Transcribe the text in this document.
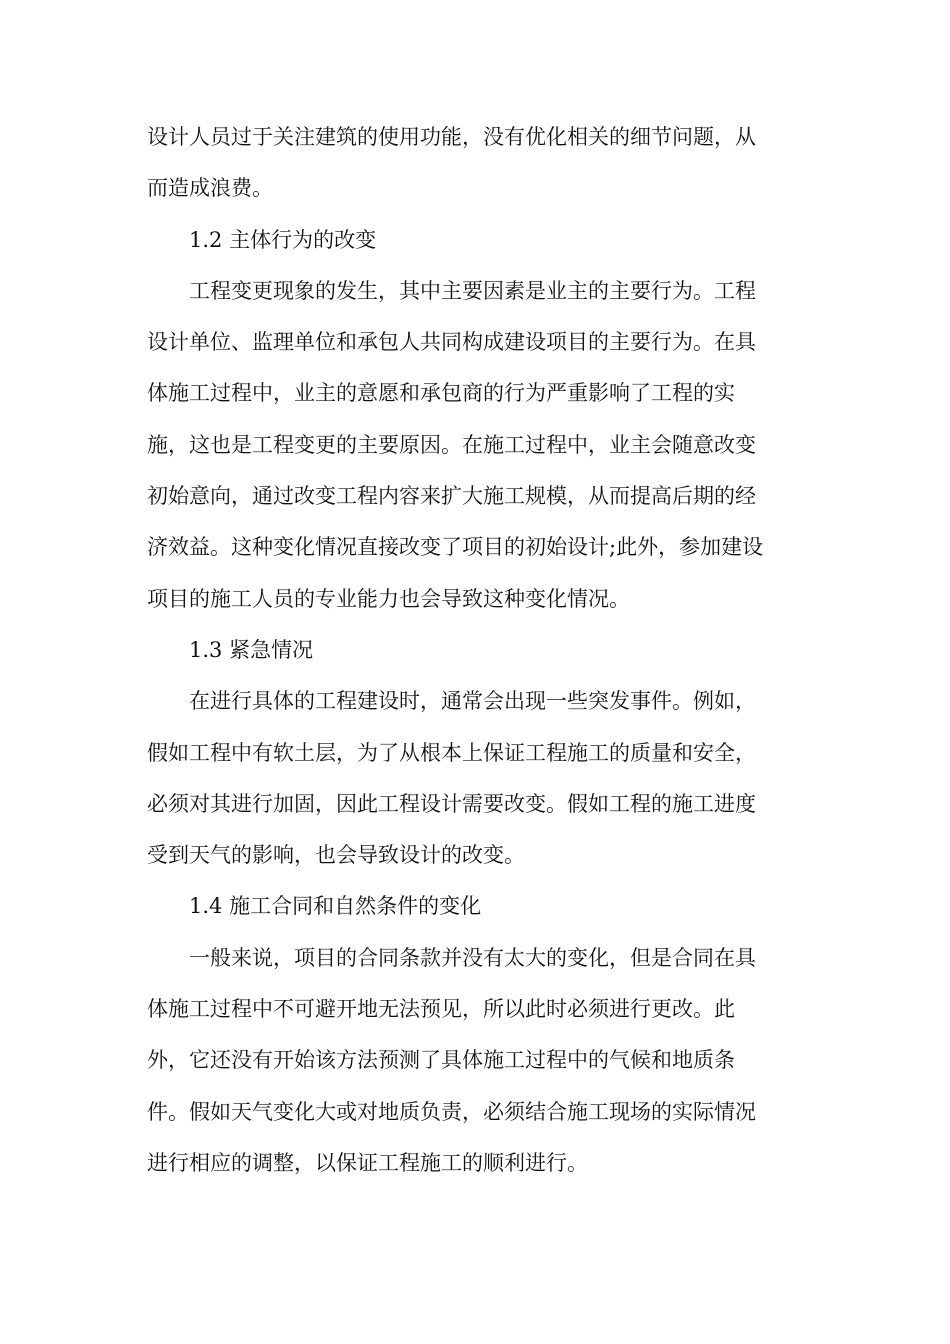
设计人员过于关注建筑的使用功能，没有优化相关的细节问题，从
而造成浪费。
1.2 主体行为的改变
工程变更现象的发生，其中主要因素是业主的主要行为。工程
设计单位、监理单位和承包人共同构成建设项目的主要行为。在具
体施工过程中，业主的意愿和承包商的行为严重影响了工程的实
施，这也是工程变更的主要原因。在施工过程中，业主会随意改变
初始意向，通过改变工程内容来扩大施工规模，从而提高后期的经
济效益。这种变化情况直接改变了项目的初始设计;此外，参加建设
项目的施工人员的专业能力也会导致这种变化情况。
1.3 紧急情况
在进行具体的工程建设时，通常会出现一些突发事件。例如，
假如工程中有软土层，为了从根本上保证工程施工的质量和安全，
必须对其进行加固，因此工程设计需要改变。假如工程的施工进度
受到天气的影响，也会导致设计的改变。
1.4 施工合同和自然条件的变化
一般来说，项目的合同条款并没有太大的变化，但是合同在具
体施工过程中不可避开地无法预见，所以此时必须进行更改。此
外，它还没有开始该方法预测了具体施工过程中的气候和地质条
件。假如天气变化大或对地质负责，必须结合施工现场的实际情况
进行相应的调整，以保证工程施工的顺利进行。
